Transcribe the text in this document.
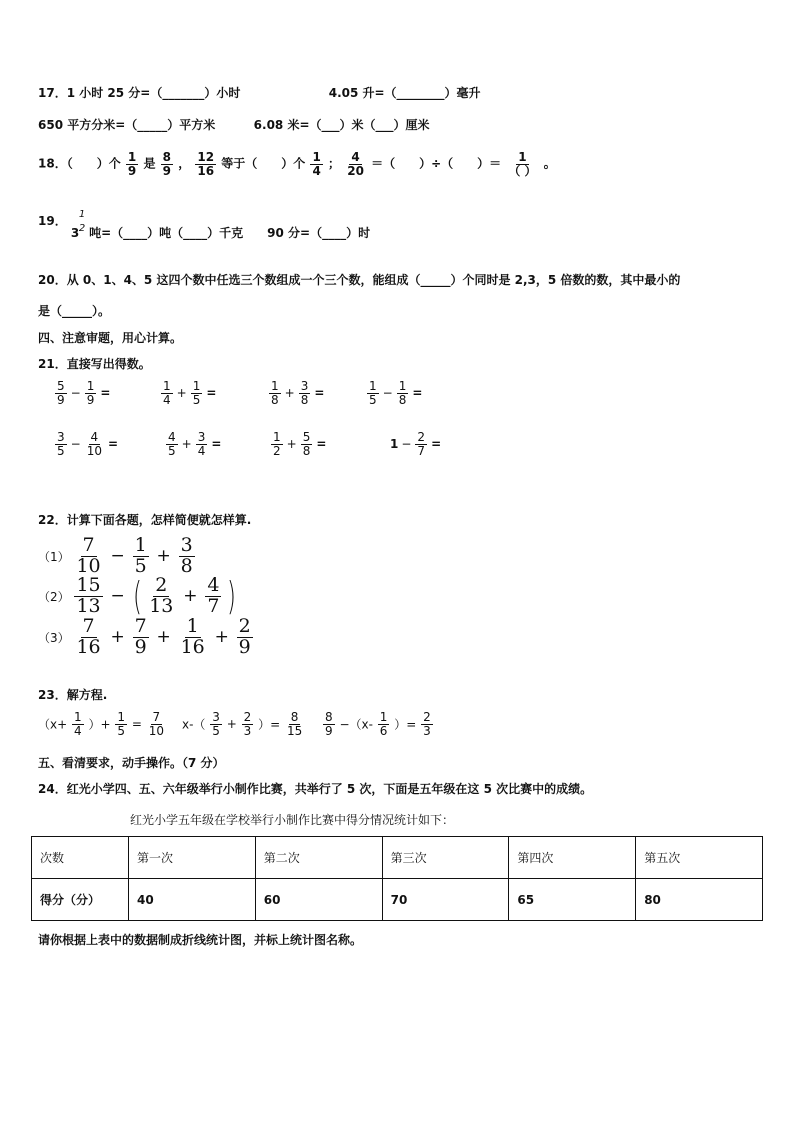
17．1 小时 25 分=（_______）小时	4.05 升=（________）毫升
650 平方分米=（_____）平方米	6.08 米=（___）米（___）厘米
18．（　　）个 $\frac{1}{9}$ 是 $\frac{8}{9}$ ， $\frac{12}{16}$ 等于（　　）个 $\frac{1}{4}$ ； $\frac{4}{20}$ ＝（　　）÷（　　）＝ 1
（ ） 。
19． 3
1
2 吨=（____）吨（____）千克　　90 分=（____）时
20．从 0、1、4、5 这四个数中任选三个数组成一个三个数，能组成（_____）个同时是 2,3，5 倍数的数，其中最小的
是（_____）。
四、注意审题，用心计算。
21．直接写出得数。
$\frac{5}{9} - \frac{1}{9}$ =	$\frac{1}{4} + \frac{1}{5}$ =	$\frac{1}{8} + \frac{3}{8}$ =	$\frac{1}{5} - \frac{1}{8}$ =
$\frac{3}{5} - \frac{4}{10}$ =	$\frac{4}{5} + \frac{3}{4}$ =	$\frac{1}{2} + \frac{5}{8}$ =	$1 - \frac{2}{7}$ =
22．计算下面各题，怎样简便就怎样算.
$(1) \frac{7}{10} - \frac{1}{5} + \frac{3}{8}$
$(2) \frac{15}{13}$ − ( $\frac{2}{13} + \frac{4}{7}$ )
$(3) \frac{7}{16} + \frac{7}{9} + \frac{1}{16} + \frac{2}{9}$
23．解方程.
（$x+ \frac{1}{4}$ ）+ $\frac{1}{5} = \frac{7}{10} x-( \frac{3}{5} + \frac{2}{3}$ ）= $\frac{8}{15} \frac{8}{9} -(x- \frac{1}{6}$ ）= $\frac{2}{3}$
五、看清要求，动手操作。（7 分）
24．红光小学四、五、六年级举行小制作比赛，共举行了 5 次，下面是五年级在这 5 次比赛中的成绩。
红光小学五年级在学校举行小制作比赛中得分情况统计如下：
次数	第一次	第二次	第三次	第四次	第五次
得分（分）	40	60	70	65	80
请你根据上表中的数据制成折线统计图，并标上统计图名称。
